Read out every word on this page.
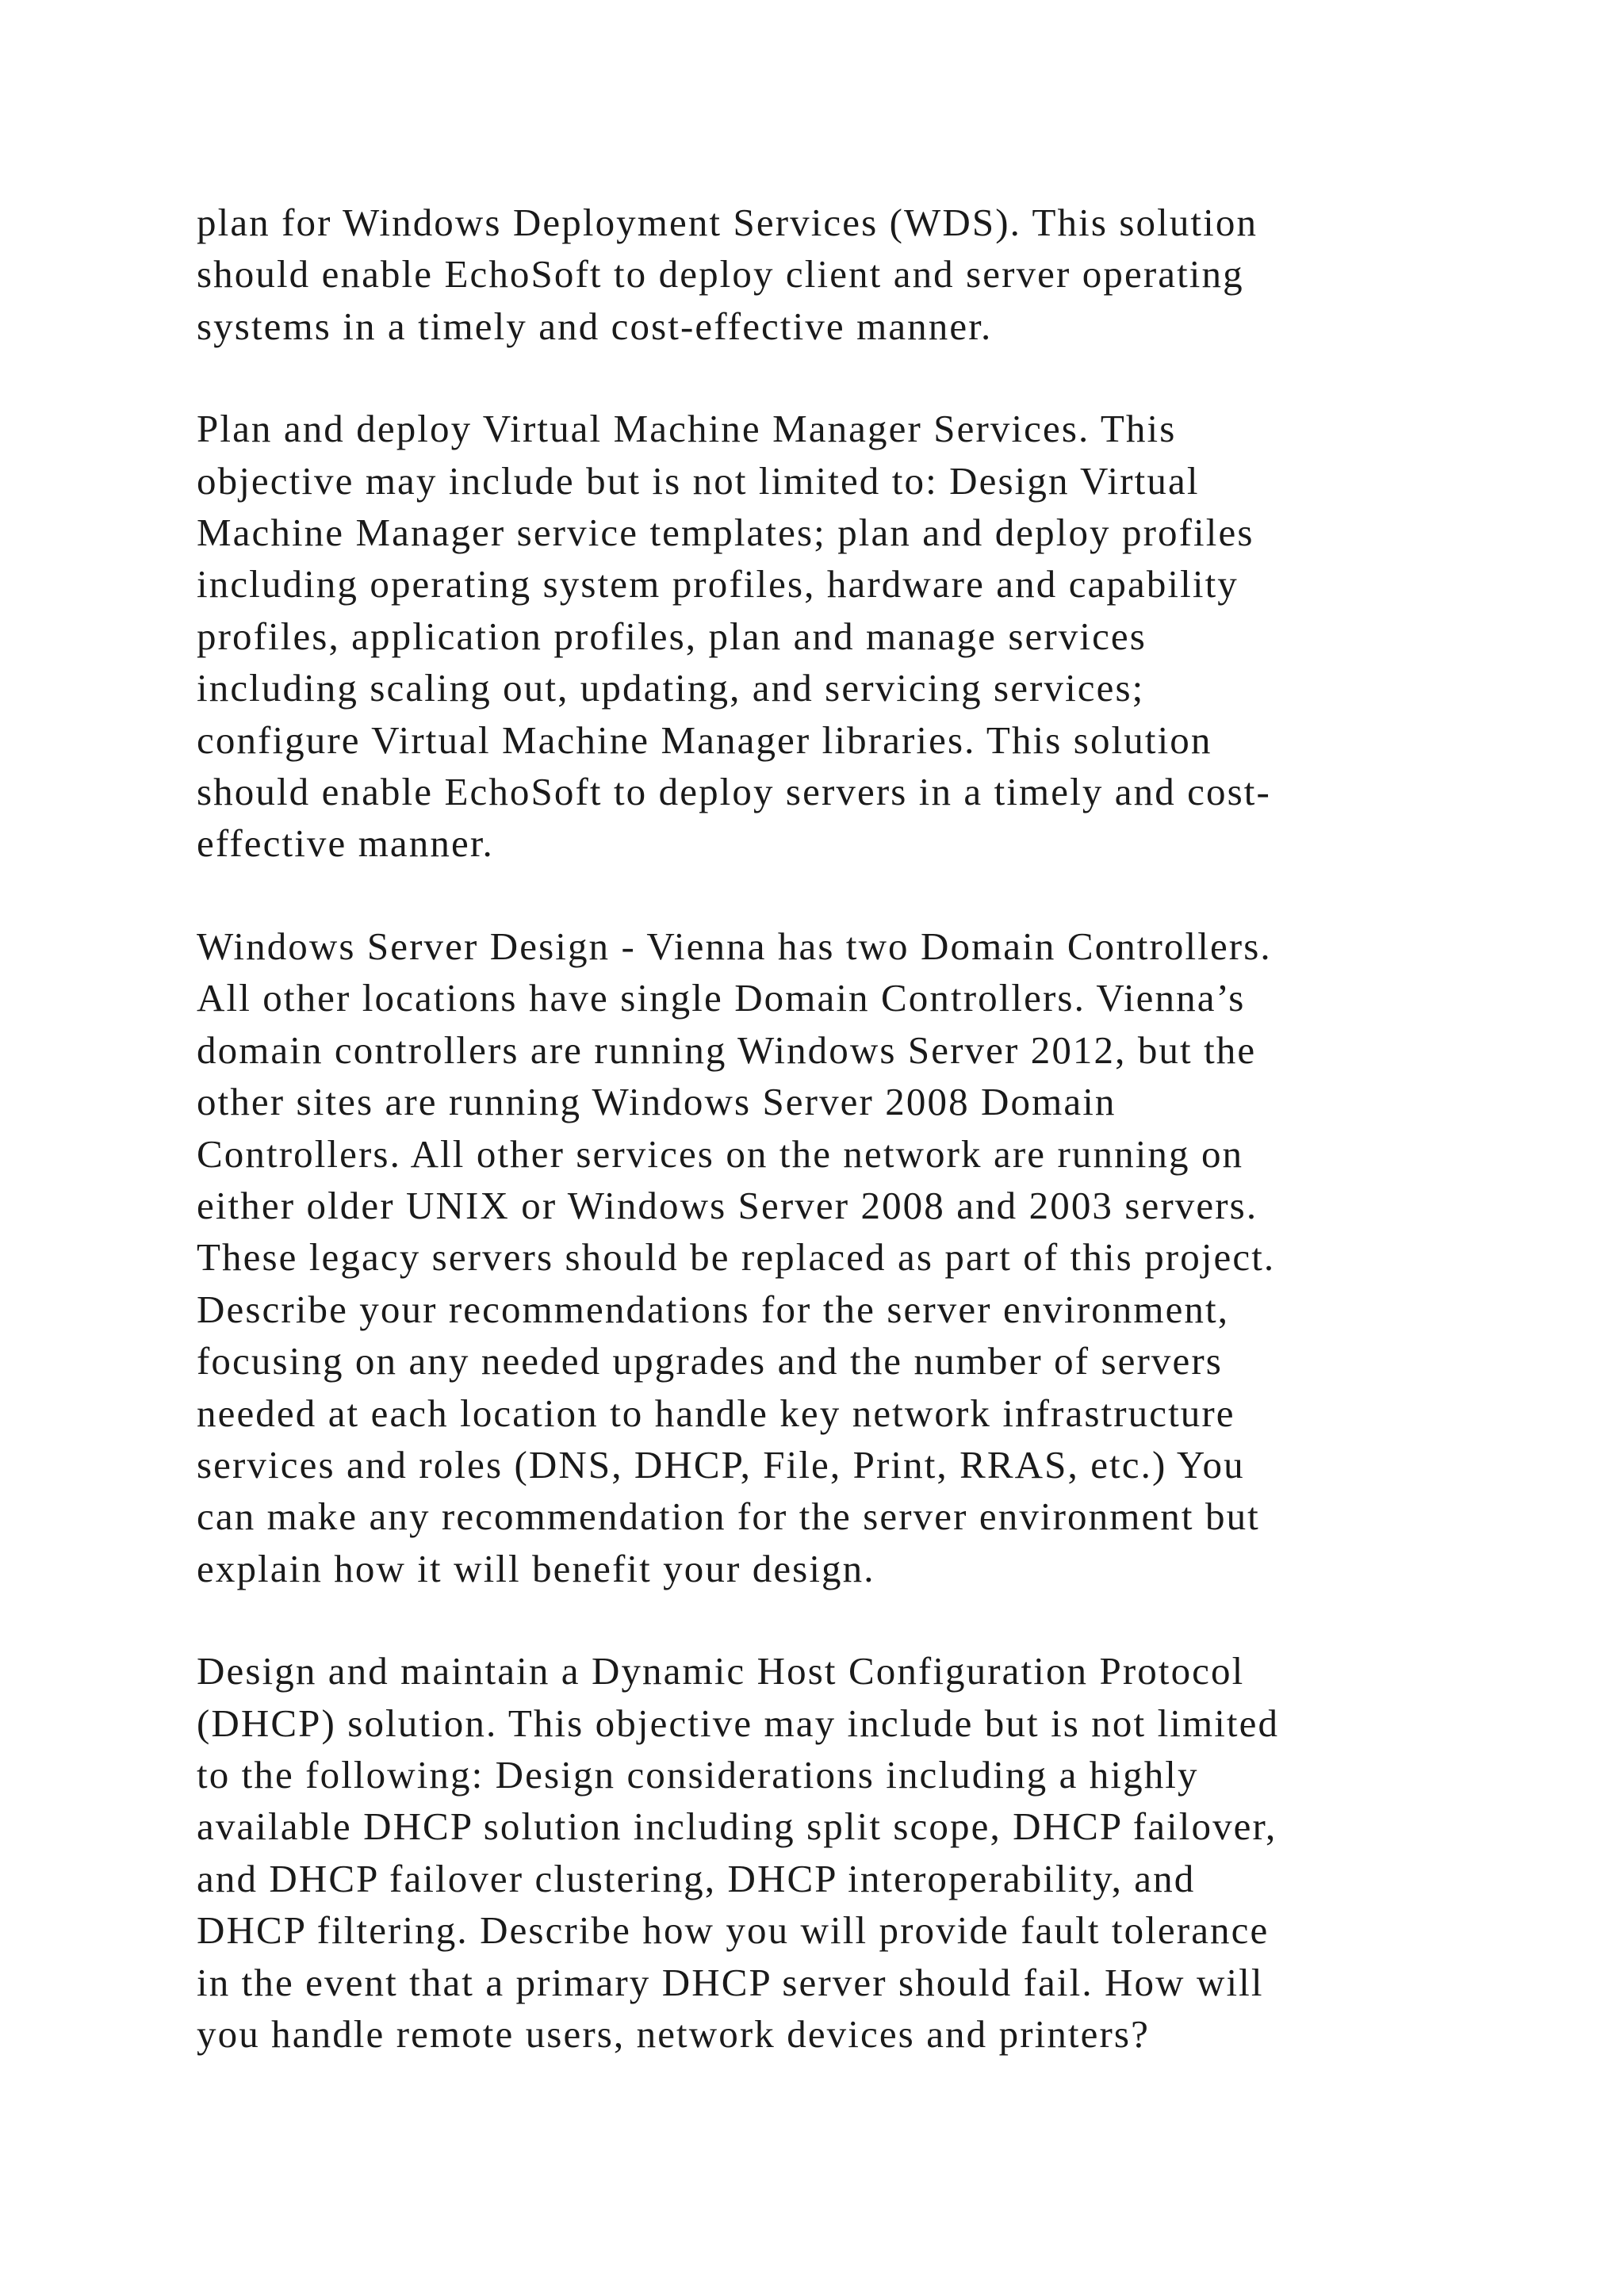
plan for Windows Deployment Services (WDS). This solution
should enable EchoSoft to deploy client and server operating
systems in a timely and cost-effective manner.

Plan and deploy Virtual Machine Manager Services. This
objective may include but is not limited to: Design Virtual
Machine Manager service templates; plan and deploy profiles
including operating system profiles, hardware and capability
profiles, application profiles, plan and manage services
including scaling out, updating, and servicing services;
configure Virtual Machine Manager libraries. This solution
should enable EchoSoft to deploy servers in a timely and cost-
effective manner.

Windows Server Design - Vienna has two Domain Controllers.
All other locations have single Domain Controllers. Vienna’s
domain controllers are running Windows Server 2012, but the
other sites are running Windows Server 2008 Domain
Controllers. All other services on the network are running on
either older UNIX or Windows Server 2008 and 2003 servers.
These legacy servers should be replaced as part of this project.
Describe your recommendations for the server environment,
focusing on any needed upgrades and the number of servers
needed at each location to handle key network infrastructure
services and roles (DNS, DHCP, File, Print, RRAS, etc.) You
can make any recommendation for the server environment but
explain how it will benefit your design.

Design and maintain a Dynamic Host Configuration Protocol
(DHCP) solution. This objective may include but is not limited
to the following: Design considerations including a highly
available DHCP solution including split scope, DHCP failover,
and DHCP failover clustering, DHCP interoperability, and
DHCP filtering. Describe how you will provide fault tolerance
in the event that a primary DHCP server should fail. How will
you handle remote users, network devices and printers?
